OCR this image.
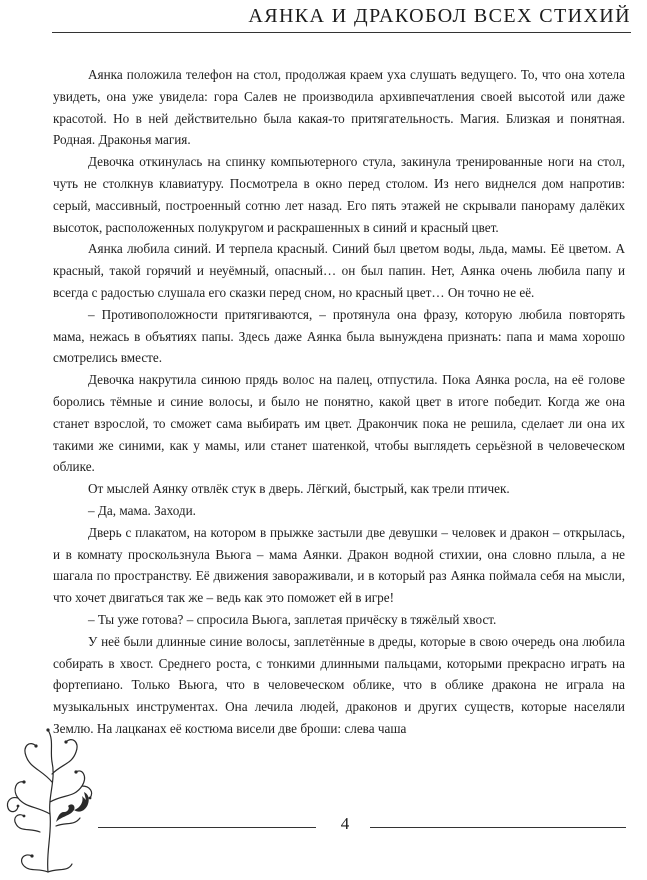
АЯНКА И ДРАКОБОЛ ВСЕХ СТИХИЙ

Аянка положила телефон на стол, продолжая краем уха слушать ведущего. То, что она хотела увидеть, она уже увидела: гора Салев не производила архивпечатления своей высотой или даже красотой. Но в ней действительно была какая-то притягательность. Магия. Близкая и понятная. Родная. Драконья магия.

Девочка откинулась на спинку компьютерного стула, закинула тренированные ноги на стол, чуть не столкнув клавиатуру. Посмотрела в окно перед столом. Из него виднелся дом напротив: серый, массивный, построенный сотню лет назад. Его пять этажей не скрывали панораму далёких высоток, расположенных полукругом и раскрашенных в синий и красный цвет.

Аянка любила синий. И терпела красный. Синий был цветом воды, льда, мамы. Её цветом. А красный, такой горячий и неуёмный, опасный… он был папин. Нет, Аянка очень любила папу и всегда с радостью слушала его сказки перед сном, но красный цвет… Он точно не её.

– Противоположности притягиваются, – протянула она фразу, которую любила повторять мама, нежась в объятиях папы. Здесь даже Аянка была вынуждена признать: папа и мама хорошо смотрелись вместе.

Девочка накрутила синюю прядь волос на палец, отпустила. Пока Аянка росла, на её голове боролись тёмные и синие волосы, и было не понятно, какой цвет в итоге победит. Когда же она станет взрослой, то сможет сама выбирать им цвет. Дракончик пока не решила, сделает ли она их такими же синими, как у мамы, или станет шатенкой, чтобы выглядеть серьёзной в человеческом облике.

От мыслей Аянку отвлёк стук в дверь. Лёгкий, быстрый, как трели птичек.

– Да, мама. Заходи.

Дверь с плакатом, на котором в прыжке застыли две девушки – человек и дракон – открылась, и в комнату проскользнула Вьюга – мама Аянки. Дракон водной стихии, она словно плыла, а не шагала по пространству. Её движения завораживали, и в который раз Аянка поймала себя на мысли, что хочет двигаться так же – ведь как это поможет ей в игре!

– Ты уже готова? – спросила Вьюга, заплетая причёску в тяжёлый хвост.

У неё были длинные синие волосы, заплетённые в дреды, которые в свою очередь она любила собирать в хвост. Среднего роста, с тонкими длинными пальцами, которыми прекрасно играть на фортепиано. Только Вьюга, что в человеческом облике, что в облике дракона не играла на музыкальных инструментах. Она лечила людей, драконов и других существ, которые населяли Землю. На лацканах её костюма висели две броши: слева чаша

4
